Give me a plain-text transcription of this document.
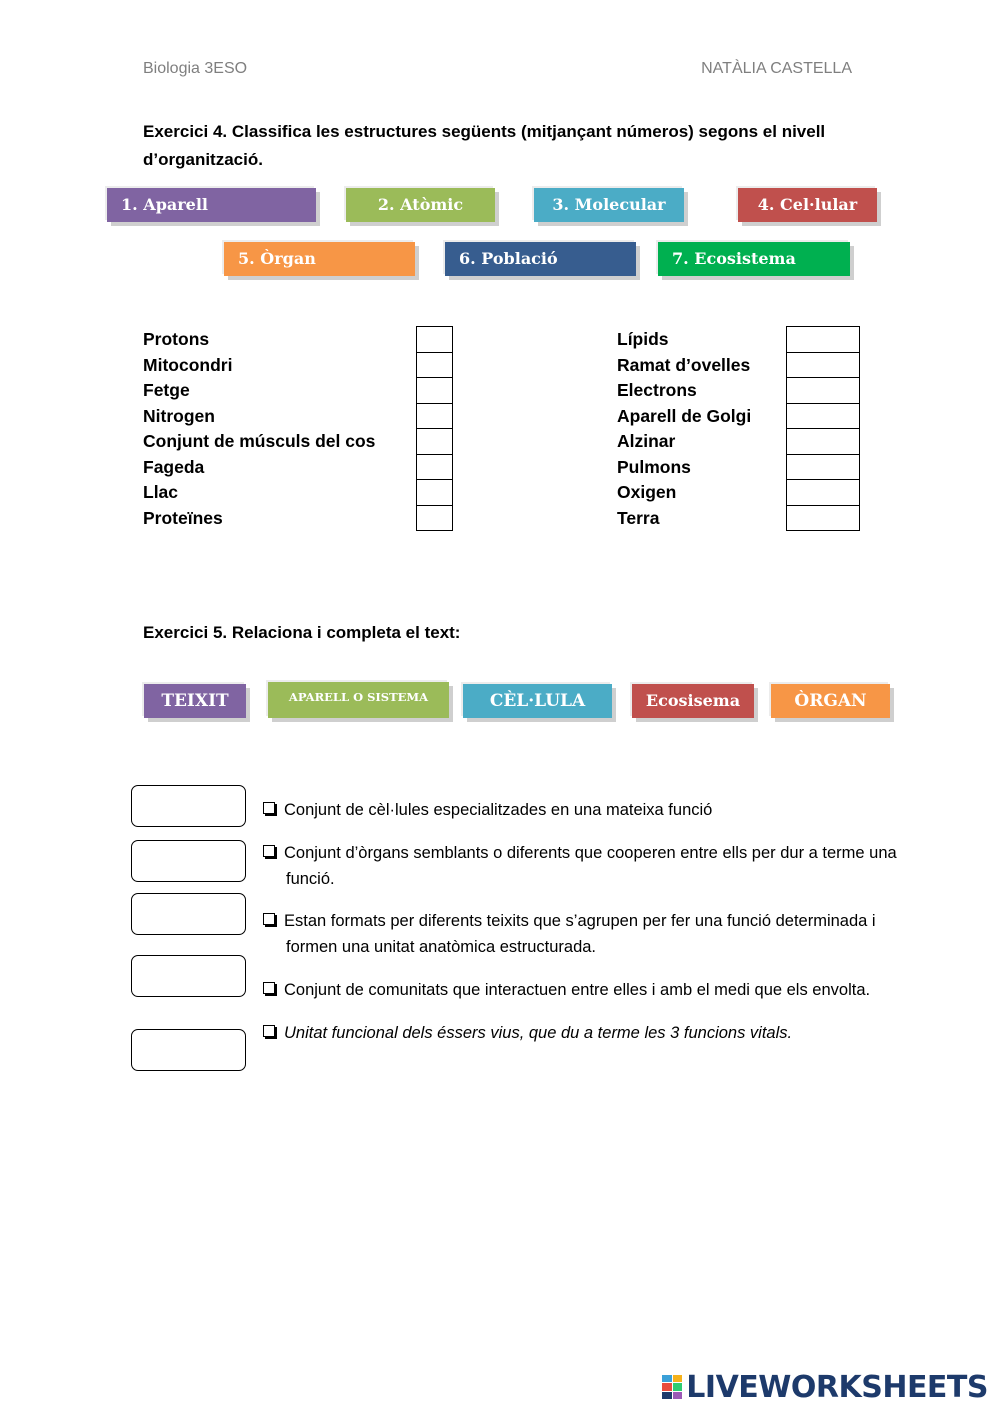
Biologia 3ESO	NATÀLIA CASTELLA
Exercici 4. Classifica les estructures següents (mitjançant números) segons el nivell
d’organització.
1. Aparell	2. Atòmic	3. Molecular	4. Cel·lular
5. Òrgan	6. Població	7. Ecosistema
Protons
Mitocondri
Fetge
Nitrogen
Conjunt de músculs del cos
Fageda
Llac
Proteïnes
Lípids
Ramat d’ovelles
Electrons
Aparell de Golgi
Alzinar
Pulmons
Oxigen
Terra
Exercici 5. Relaciona i completa el text:
TEIXIT	APARELL O SISTEMA	CÈL·LULA	Ecosisema	ÒRGAN
Conjunt de cèl·lules especialitzades en una mateixa funció
Conjunt d’òrgans semblants o diferents que cooperen entre ells per dur a terme una funció.
Estan formats per diferents teixits que s’agrupen per fer una funció determinada i formen una unitat anatòmica estructurada.
Conjunt de comunitats que interactuen entre elles i amb el medi que els envolta.
Unitat funcional dels éssers vius, que du a terme les 3 funcions vitals.
LIVEWORKSHEETS
